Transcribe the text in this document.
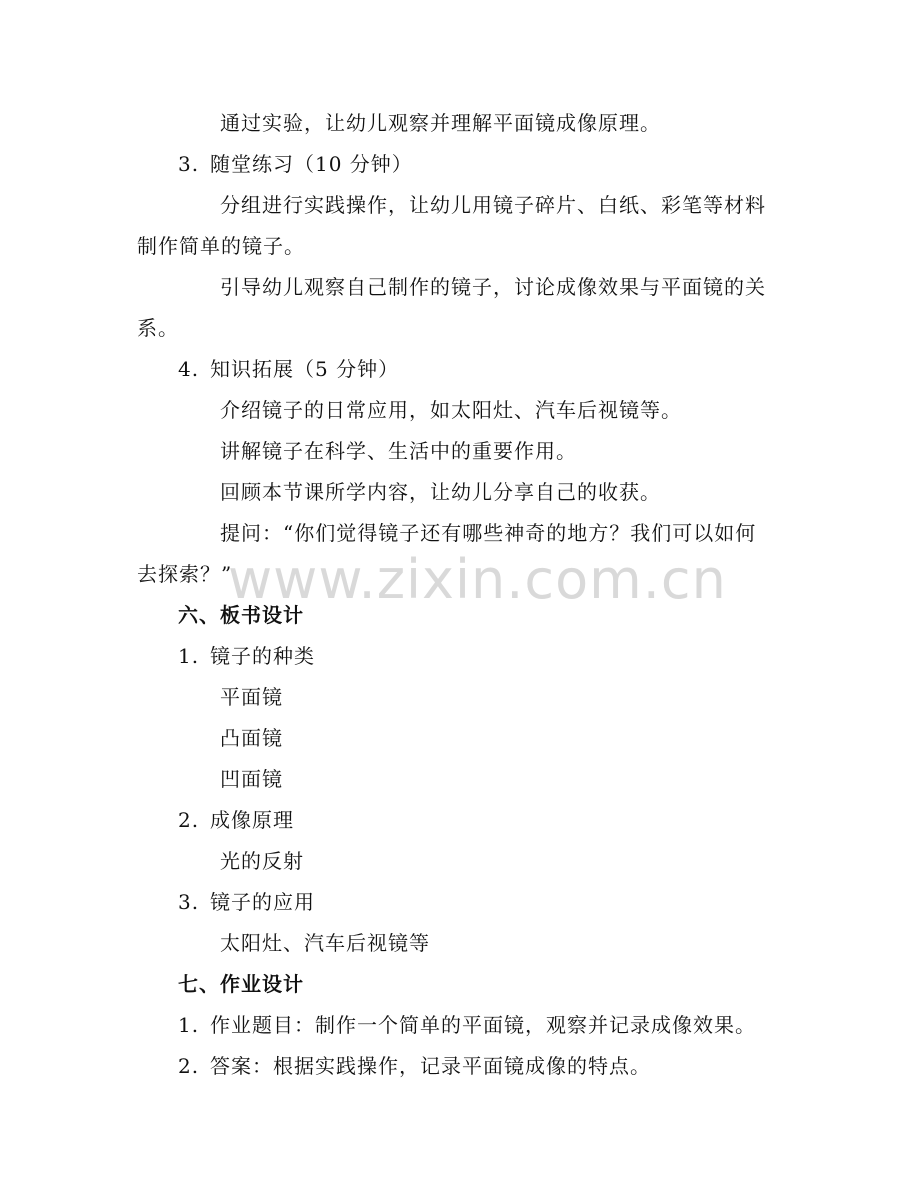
www.zixin.com.cn
通过实验，让幼儿观察并理解平面镜成像原理。
3. 随堂练习（10 分钟）
分组进行实践操作，让幼儿用镜子碎片、白纸、彩笔等材料
制作简单的镜子。
引导幼儿观察自己制作的镜子，讨论成像效果与平面镜的关
系。
4. 知识拓展（5 分钟）
介绍镜子的日常应用，如太阳灶、汽车后视镜等。
讲解镜子在科学、生活中的重要作用。
回顾本节课所学内容，让幼儿分享自己的收获。
提问：“你们觉得镜子还有哪些神奇的地方？我们可以如何
去探索？”
六、板书设计
1. 镜子的种类
平面镜
凸面镜
凹面镜
2. 成像原理
光的反射
3. 镜子的应用
太阳灶、汽车后视镜等
七、作业设计
1. 作业题目：制作一个简单的平面镜，观察并记录成像效果。
2. 答案：根据实践操作，记录平面镜成像的特点。
